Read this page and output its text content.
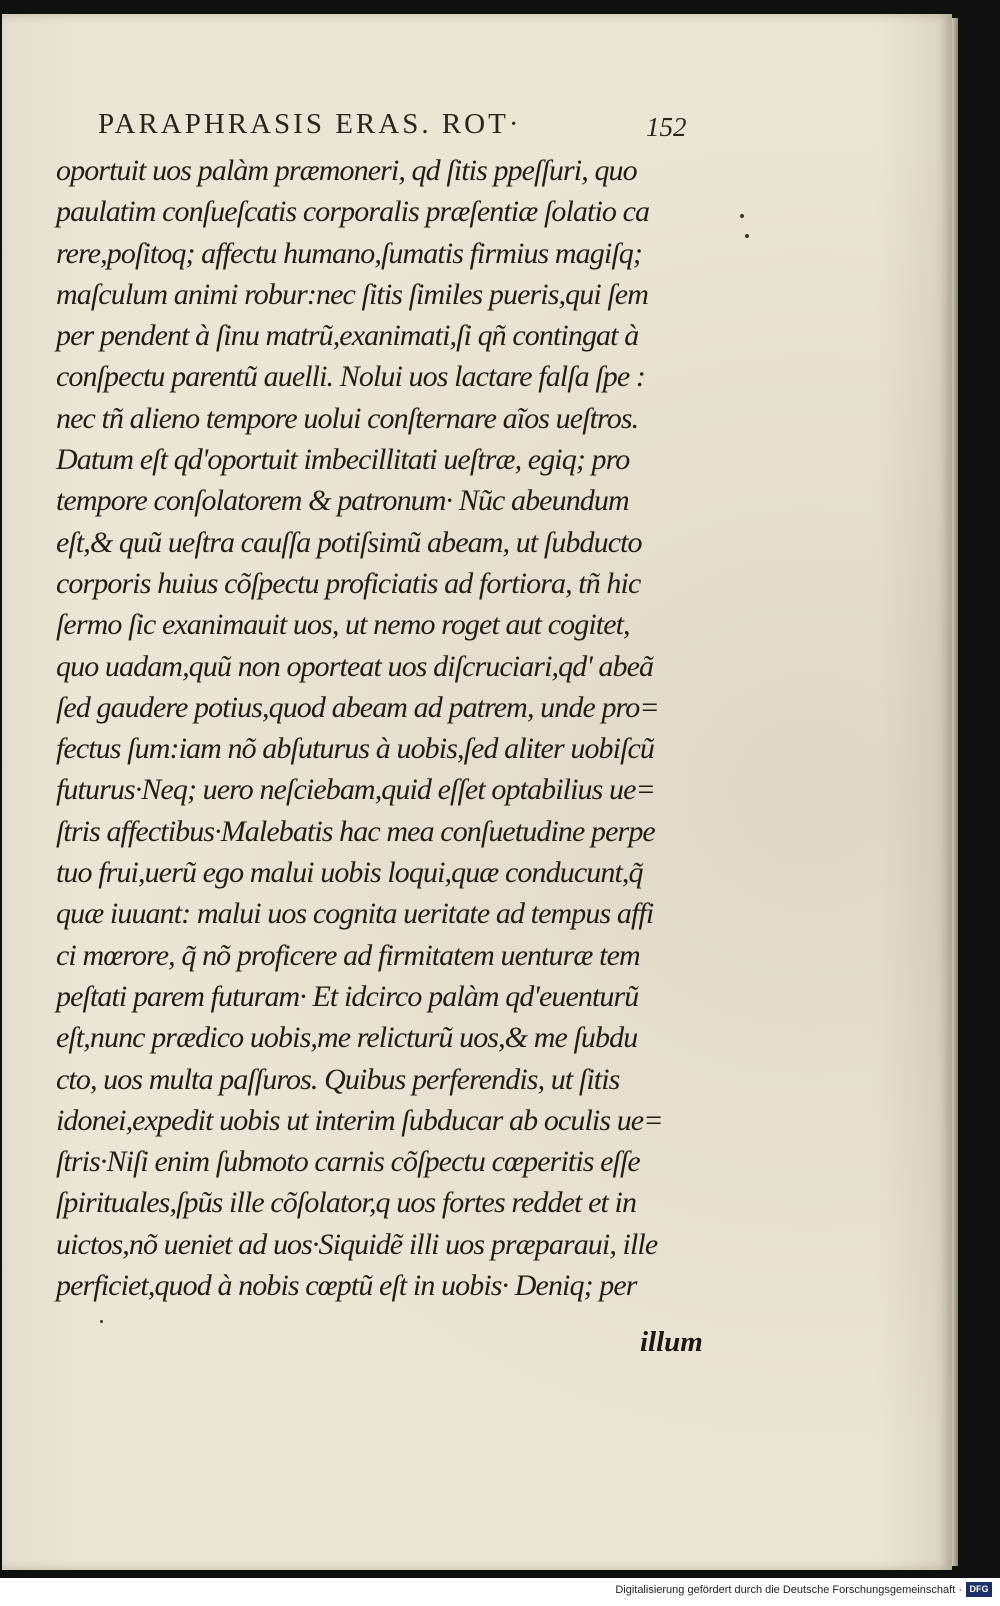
PARAPHRASIS ERAS. ROT·	152
oportuit uos palàm præmoneri, qd ſitis ppeſſuri, quo
paulatim conſueſcatis corporalis præſentiæ ſolatio ca
rere,poſitoq; affectu humano,ſumatis firmius magiſq;
maſculum animi robur:nec ſitis ſimiles pueris,qui ſem
per pendent à ſinu matrũ,exanimati,ſi qñ contingat à
conſpectu parentũ auelli. Nolui uos lactare falſa ſpe :
nec tñ alieno tempore uolui conſternare aĩos ueſtros.
Datum eſt qd'oportuit imbecillitati ueſtræ, egiq; pro
tempore conſolatorem & patronum· Nũc abeundum
eſt,& quũ ueſtra cauſſa potiſsimũ abeam, ut ſubducto
corporis huius cõſpectu proficiatis ad fortiora, tñ hic
ſermo ſic exanimauit uos, ut nemo roget aut cogitet,
quo uadam,quũ non oporteat uos diſcruciari,qd' abeã
ſed gaudere potius,quod abeam ad patrem, unde pro=
fectus ſum:iam nõ abſuturus à uobis,ſed aliter uobiſcũ
futurus·Neq; uero neſciebam,quid eſſet optabilius ue=
ſtris affectibus·Malebatis hac mea conſuetudine perpe
tuo frui,uerũ ego malui uobis loqui,quæ conducunt,q̃
quæ iuuant: malui uos cognita ueritate ad tempus affi
ci mœrore, q̃ nõ proficere ad firmitatem uenturæ tem
peſtati parem futuram· Et idcirco palàm qd'euenturũ
eſt,nunc prædico uobis,me relicturũ uos,& me ſubdu
cto, uos multa paſſuros. Quibus perferendis, ut ſitis
idonei,expedit uobis ut interim ſubducar ab oculis ue=
ſtris·Niſi enim ſubmoto carnis cõſpectu cœperitis eſſe
ſpirituales,ſpũs ille cõſolator,q uos fortes reddet et in
uictos,nõ ueniet ad uos·Siquidẽ illi uos præparaui, ille
perficiet,quod à nobis cœptũ eſt in uobis· Deniq; per
illum
Digitalisierung gefördert durch die Deutsche Forschungsgemeinschaft · DFG
